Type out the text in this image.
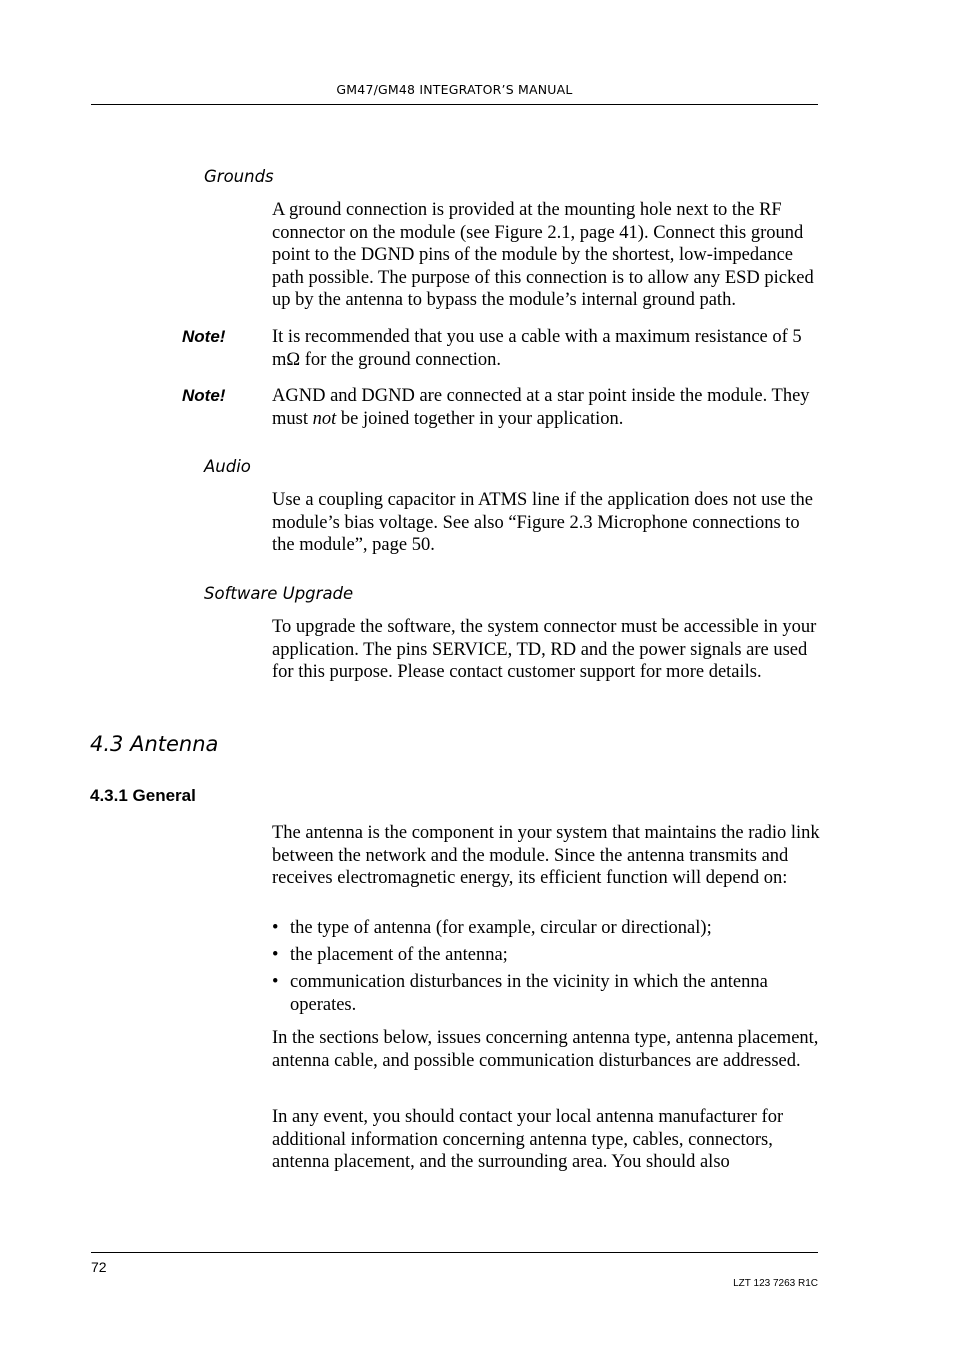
GM47/GM48 INTEGRATOR’S MANUAL
Grounds
A ground connection is provided at the mounting hole next to the RF connector on the module (see Figure 2.1, page 41). Connect this ground point to the DGND pins of the module by the shortest, low-impedance path possible. The purpose of this connection is to allow any ESD picked up by the antenna to bypass the module’s internal ground path.
Note!	It is recommended that you use a cable with a maximum resistance of 5 mΩ for the ground connection.
Note!	AGND and DGND are connected at a star point inside the module. They must not be joined together in your application.
Audio
Use a coupling capacitor in ATMS line if the application does not use the module’s bias voltage. See also “Figure 2.3 Microphone connections to the module”, page 50.
Software Upgrade
To upgrade the software, the system connector must be accessible in your application. The pins SERVICE, TD, RD and the power signals are used for this purpose. Please contact customer support for more details.
4.3 Antenna
4.3.1 General
The antenna is the component in your system that maintains the radio link between the network and the module. Since the antenna transmits and receives electromagnetic energy, its efficient function will depend on:
• the type of antenna (for example, circular or directional);
• the placement of the antenna;
• communication disturbances in the vicinity in which the antenna operates.
In the sections below, issues concerning antenna type, antenna placement, antenna cable, and possible communication disturbances are addressed.
In any event, you should contact your local antenna manufacturer for additional information concerning antenna type, cables, connectors, antenna placement, and the surrounding area. You should also
72
LZT 123 7263 R1C
